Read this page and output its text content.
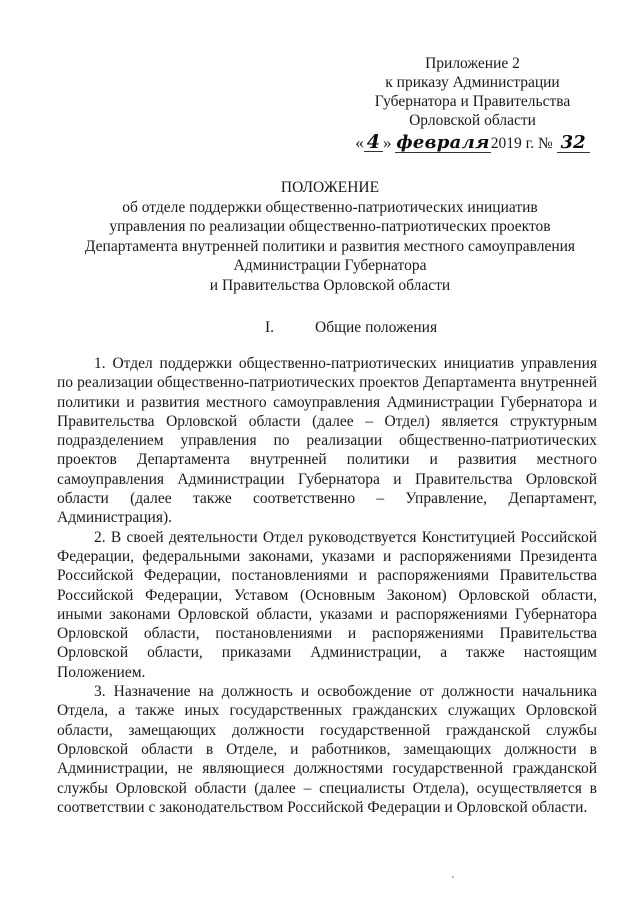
Приложение 2
к приказу Администрации
Губернатора и Правительства
Орловской области
« 4 » февраля2019 г. № 32
ПОЛОЖЕНИЕ
об отделе поддержки общественно-патриотических инициатив
управления по реализации общественно-патриотических проектов
Департамента внутренней политики и развития местного самоуправления
Администрации Губернатора
и Правительства Орловской области
I.	Общие положения

1. Отдел поддержки общественно-патриотических инициатив управления по реализации общественно-патриотических проектов Департамента внутренней политики и развития местного самоуправления Администрации Губернатора и Правительства Орловской области (далее – Отдел) является структурным подразделением управления по реализации общественно-патриотических проектов Департамента внутренней политики и развития местного самоуправления Администрации Губернатора и Правительства Орловской области (далее также соответственно – Управление, Департамент, Администрация).

2. В своей деятельности Отдел руководствуется Конституцией Российской Федерации, федеральными законами, указами и распоряжениями Президента Российской Федерации, постановлениями и распоряжениями Правительства Российской Федерации, Уставом (Основным Законом) Орловской области, иными законами Орловской области, указами и распоряжениями Губернатора Орловской области, постановлениями и распоряжениями Правительства Орловской области, приказами Администрации, а также настоящим Положением.

3. Назначение на должность и освобождение от должности начальника Отдела, а также иных государственных гражданских служащих Орловской области, замещающих должности государственной гражданской службы Орловской области в Отделе, и работников, замещающих должности в Администрации, не являющиеся должностями государственной гражданской службы Орловской области (далее – специалисты Отдела), осуществляется в соответствии с законодательством Российской Федерации и Орловской области.
